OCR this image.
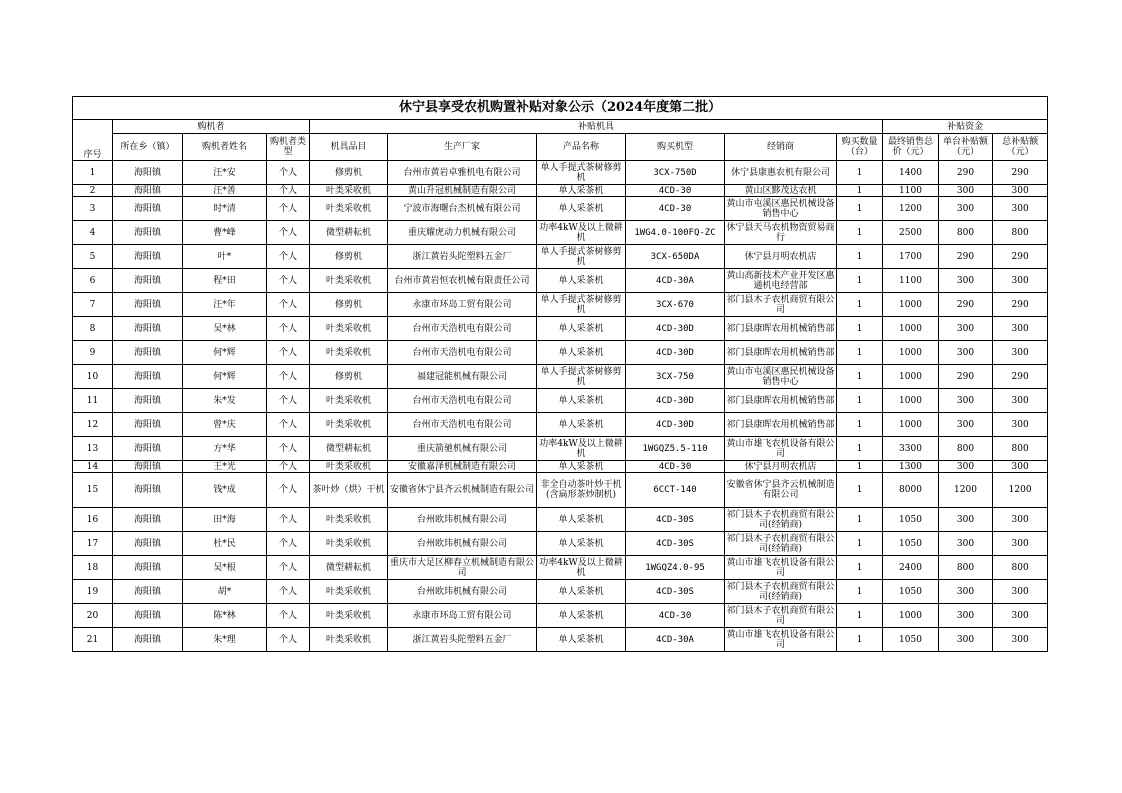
休宁县享受农机购置补贴对象公示（2024年度第二批）												
序号	购机者			补贴机具						补贴资金		
	所在乡（镇）	购机者姓名	购机者类型	机具品目	生产厂家	产品名称	购买机型	经销商	购买数量（台）	最终销售总价（元）	单台补贴额（元）	总补贴额（元）
1	海阳镇	汪*安	个人	修剪机	台州市黄岩卓雅机电有限公司	单人手提式茶树修剪机	3CX-750D	休宁县康惠农机有限公司	1	1400	290	290
2	海阳镇	汪*善	个人	叶类采收机	黄山升冠机械制造有限公司	单人采茶机	4CD-30	黄山区黟茂达农机	1	1100	300	300
3	海阳镇	时*清	个人	叶类采收机	宁波市海曙台杰机械有限公司	单人采茶机	4CD-30	黄山市屯溪区惠民机械设备销售中心	1	1200	300	300
4	海阳镇	曹*峰	个人	微型耕耘机	重庆耀虎动力机械有限公司	功率4kW及以上微耕机	1WG4.0-100FQ-ZC	休宁县天马农机物资贸易商行	1	2500	800	800
5	海阳镇	叶*	个人	修剪机	浙江黄岩头陀塑料五金厂	单人手提式茶树修剪机	3CX-650DA	休宁县月明农机店	1	1700	290	290
6	海阳镇	程*田	个人	叶类采收机	台州市黄岩恒农机械有限责任公司	单人采茶机	4CD-30A	黄山高新技术产业开发区惠通机电经营部	1	1100	300	300
7	海阳镇	汪*年	个人	修剪机	永康市环岛工贸有限公司	单人手提式茶树修剪机	3CX-670	祁门县木子农机商贸有限公司	1	1000	290	290
8	海阳镇	吴*林	个人	叶类采收机	台州市天浩机电有限公司	单人采茶机	4CD-30D	祁门县康晖农用机械销售部	1	1000	300	300
9	海阳镇	何*辉	个人	叶类采收机	台州市天浩机电有限公司	单人采茶机	4CD-30D	祁门县康晖农用机械销售部	1	1000	300	300
10	海阳镇	何*辉	个人	修剪机	福建冠能机械有限公司	单人手提式茶树修剪机	3CX-750	黄山市屯溪区惠民机械设备销售中心	1	1000	290	290
11	海阳镇	朱*发	个人	叶类采收机	台州市天浩机电有限公司	单人采茶机	4CD-30D	祁门县康晖农用机械销售部	1	1000	300	300
12	海阳镇	曾*庆	个人	叶类采收机	台州市天浩机电有限公司	单人采茶机	4CD-30D	祁门县康晖农用机械销售部	1	1000	300	300
13	海阳镇	方*华	个人	微型耕耘机	重庆箭驰机械有限公司	功率4kW及以上微耕机	1WGQZ5.5-110	黄山市雄飞农机设备有限公司	1	3300	800	800
14	海阳镇	王*光	个人	叶类采收机	安徽嘉泽机械制造有限公司	单人采茶机	4CD-30	休宁县月明农机店	1	1300	300	300
15	海阳镇	钱*成	个人	茶叶炒（烘）干机	安徽省休宁县齐云机械制造有限公司	非全自动茶叶炒干机(含扁形茶炒制机)	6CCT-140	安徽省休宁县齐云机械制造有限公司	1	8000	1200	1200
16	海阳镇	田*海	个人	叶类采收机	台州欧玮机械有限公司	单人采茶机	4CD-30S	祁门县木子农机商贸有限公司(经销商)	1	1050	300	300
17	海阳镇	杜*民	个人	叶类采收机	台州欧玮机械有限公司	单人采茶机	4CD-30S	祁门县木子农机商贸有限公司(经销商)	1	1050	300	300
18	海阳镇	吴*根	个人	微型耕耘机	重庆市大足区柳春立机械制造有限公司	功率4kW及以上微耕机	1WGQZ4.0-95	黄山市雄飞农机设备有限公司	1	2400	800	800
19	海阳镇	胡*	个人	叶类采收机	台州欧玮机械有限公司	单人采茶机	4CD-30S	祁门县木子农机商贸有限公司(经销商)	1	1050	300	300
20	海阳镇	陈*林	个人	叶类采收机	永康市环岛工贸有限公司	单人采茶机	4CD-30	祁门县木子农机商贸有限公司	1	1000	300	300
21	海阳镇	朱*理	个人	叶类采收机	浙江黄岩头陀塑料五金厂	单人采茶机	4CD-30A	黄山市雄飞农机设备有限公司	1	1050	300	300
